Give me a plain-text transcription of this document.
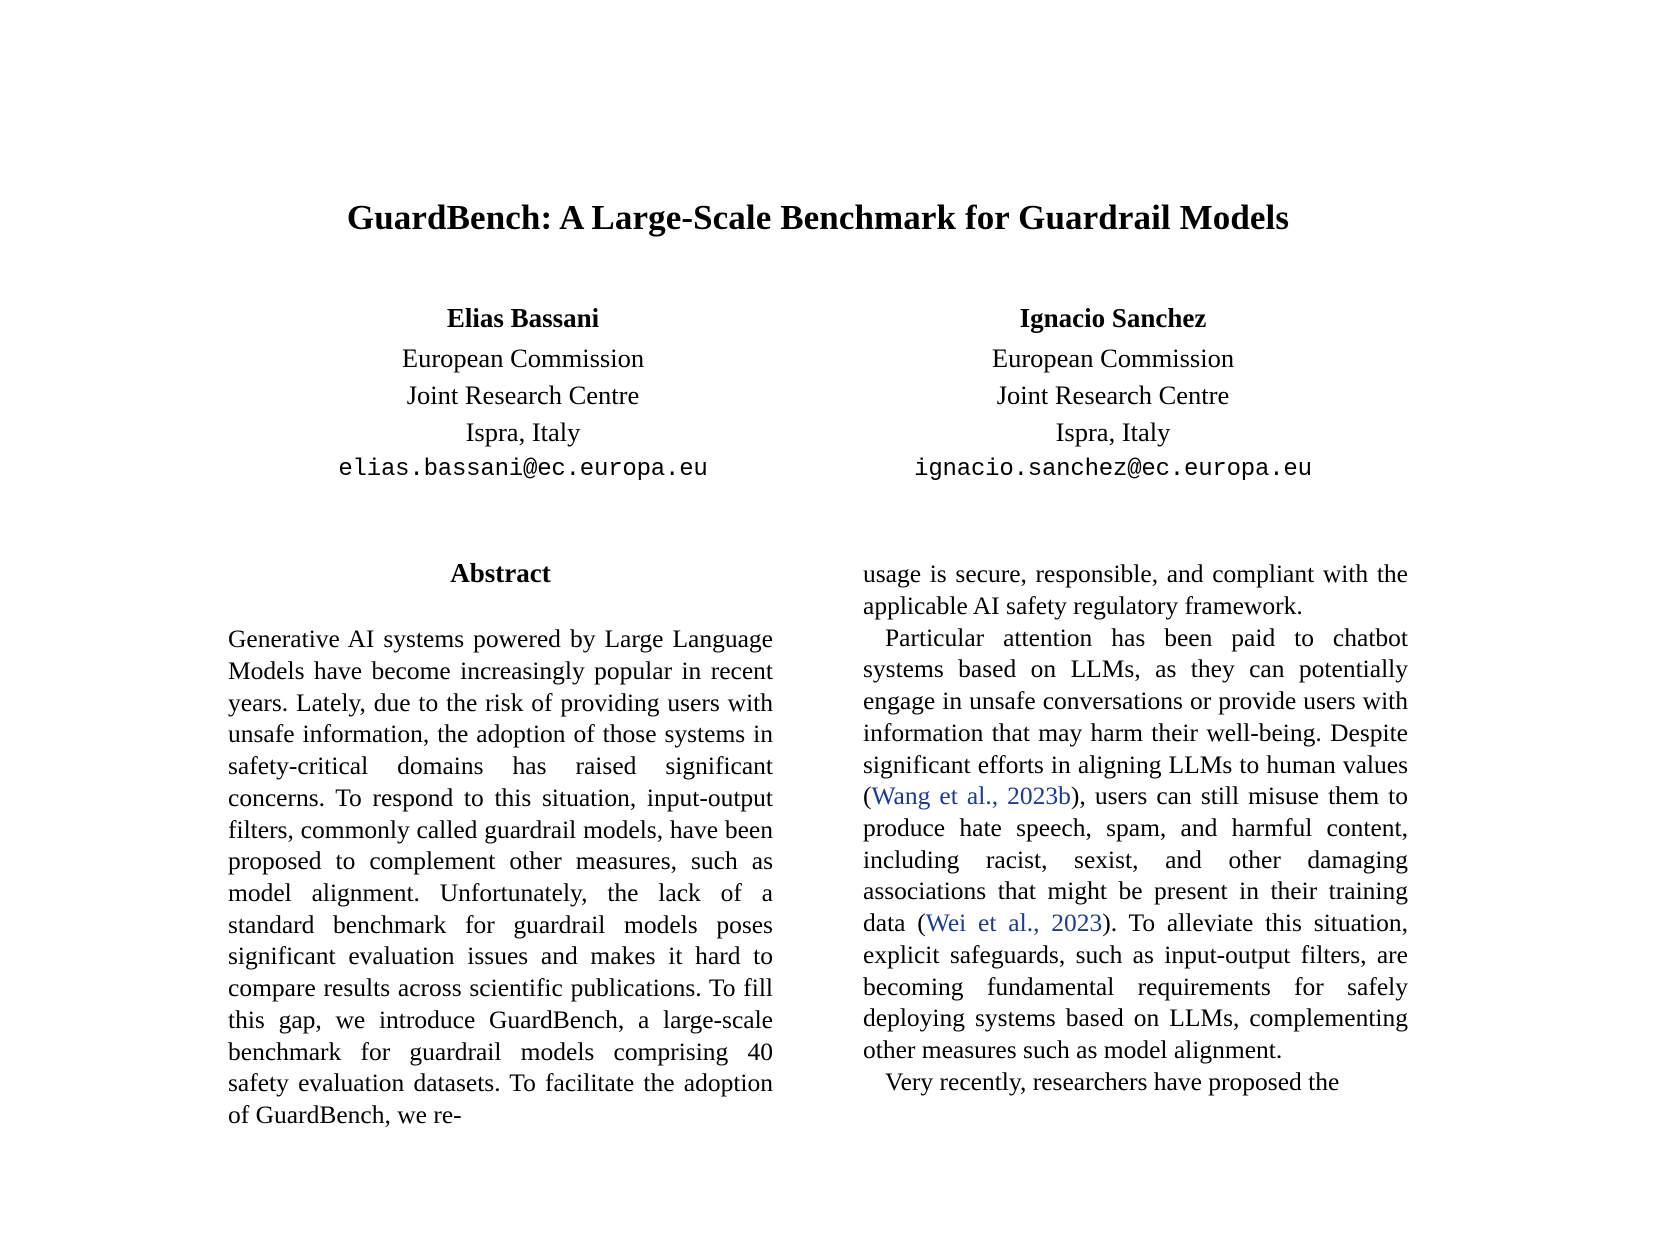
GuardBench: A Large-Scale Benchmark for Guardrail Models
Elias Bassani
European Commission
Joint Research Centre
Ispra, Italy
elias.bassani@ec.europa.eu
Ignacio Sanchez
European Commission
Joint Research Centre
Ispra, Italy
ignacio.sanchez@ec.europa.eu
Abstract

Generative AI systems powered by Large Language Models have become increasingly popular in recent years. Lately, due to the risk of providing users with unsafe information, the adoption of those systems in safety-critical domains has raised significant concerns. To respond to this situation, input-output filters, commonly called guardrail models, have been proposed to complement other measures, such as model alignment. Unfortunately, the lack of a standard benchmark for guardrail models poses significant evaluation issues and makes it hard to compare results across scientific publications. To fill this gap, we introduce GuardBench, a large-scale benchmark for guardrail models comprising 40 safety evaluation datasets. To facilitate the adoption of GuardBench, we re-

usage is secure, responsible, and compliant with the applicable AI safety regulatory framework.

Particular attention has been paid to chatbot systems based on LLMs, as they can potentially engage in unsafe conversations or provide users with information that may harm their well-being. Despite significant efforts in aligning LLMs to human values (Wang et al., 2023b), users can still misuse them to produce hate speech, spam, and harmful content, including racist, sexist, and other damaging associations that might be present in their training data (Wei et al., 2023). To alleviate this situation, explicit safeguards, such as input-output filters, are becoming fundamental requirements for safely deploying systems based on LLMs, complementing other measures such as model alignment.

Very recently, researchers have proposed the
